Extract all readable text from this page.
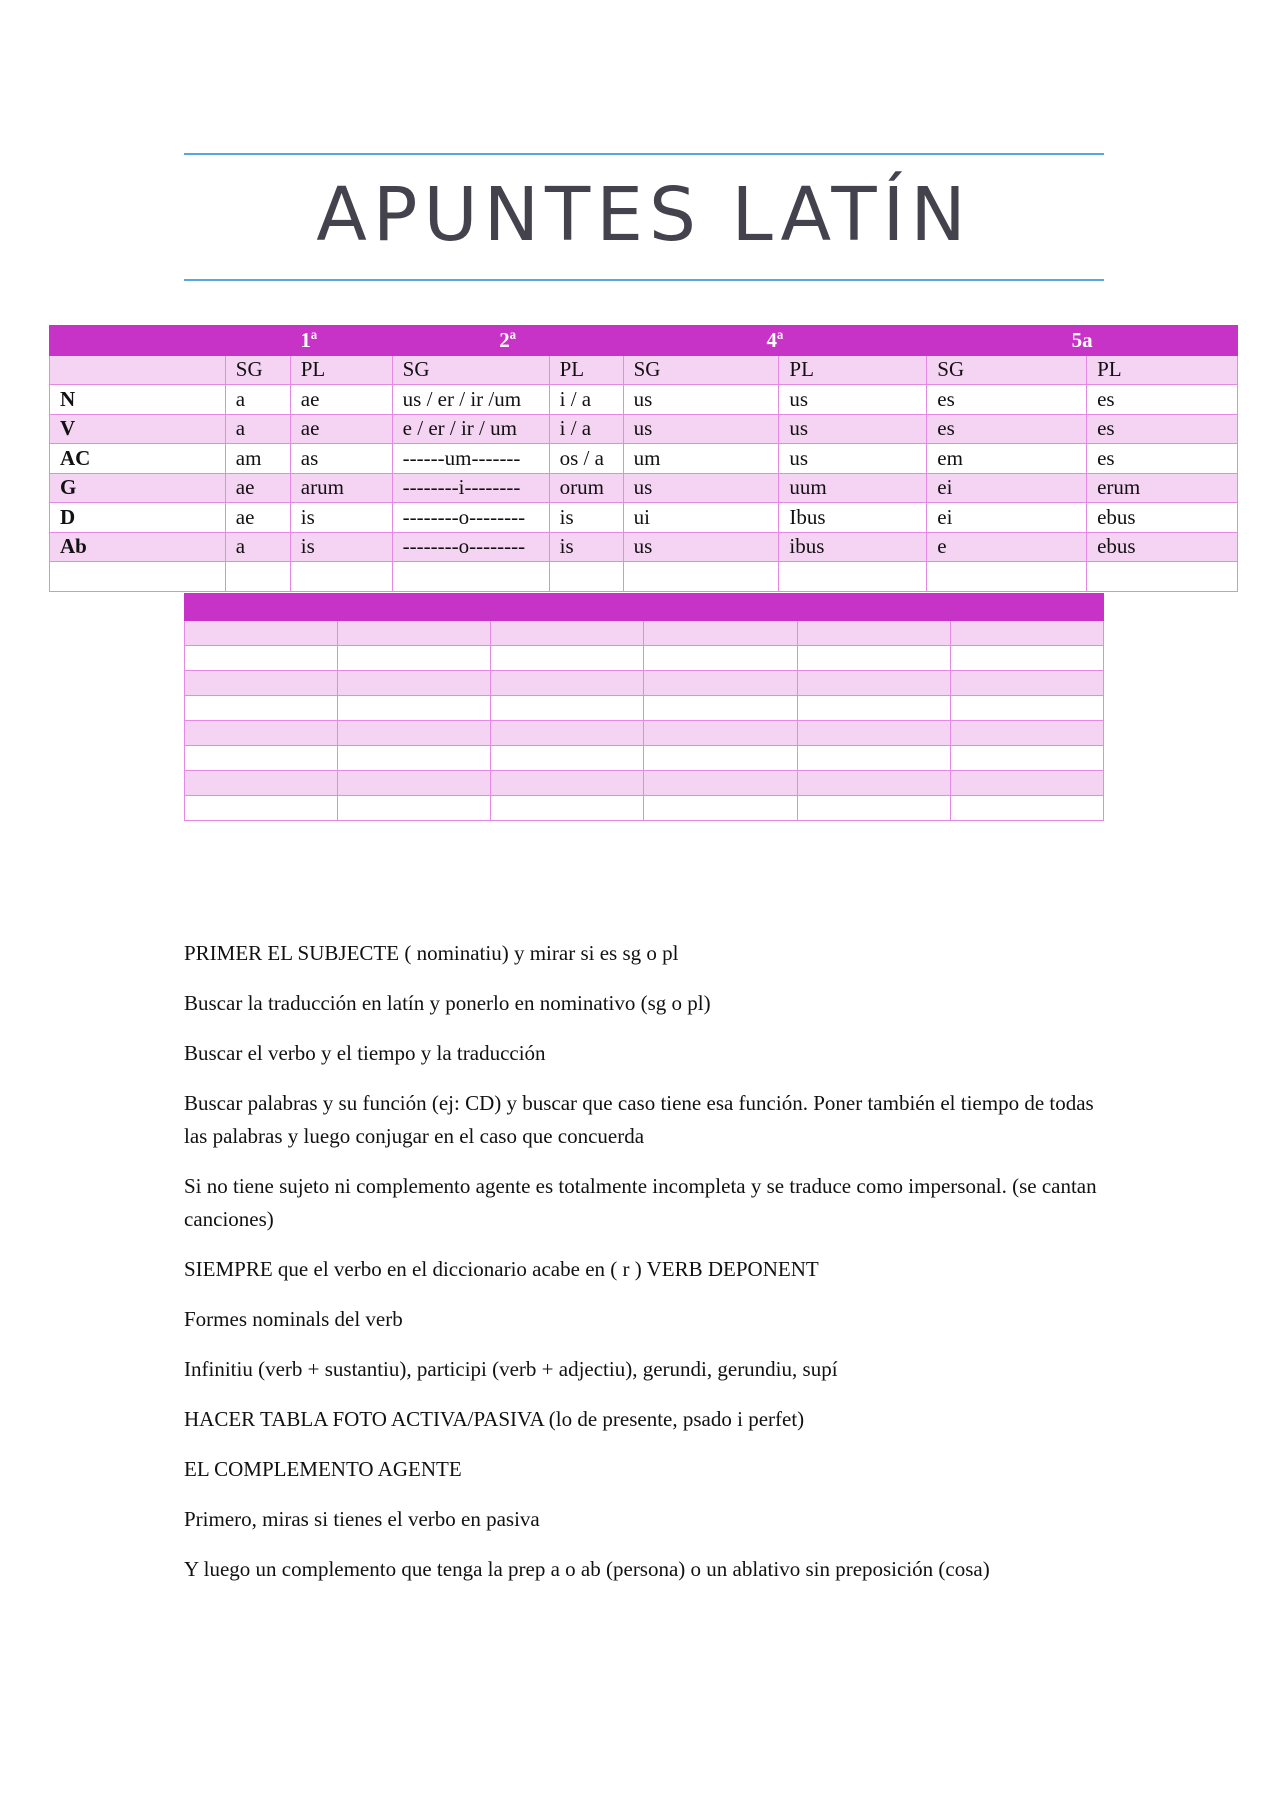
APUNTES LATÍN
	1ª		2ª		4ª		5a	
	SG	PL	SG	PL	SG	PL	SG	PL
N	a	ae	us / er / ir /um	i / a	us	us	es	es
V	a	ae	e / er / ir / um	i / a	us	us	es	es
AC	am	as	------um-------	os / a	um	us	em	es
G	ae	arum	--------i--------	orum	us	uum	ei	erum
D	ae	is	--------o--------	is	ui	Ibus	ei	ebus
Ab	a	is	--------o--------	is	us	ibus	e	ebus

PRIMER EL SUBJECTE ( nominatiu) y mirar si es sg o pl

Buscar la traducción en latín y ponerlo en nominativo (sg o pl)

Buscar el verbo y el tiempo y la traducción

Buscar palabras y su función (ej: CD) y buscar que caso tiene esa función. Poner también el tiempo de todas las palabras y luego conjugar en el caso que concuerda

Si no tiene sujeto ni complemento agente es totalmente incompleta y se traduce como impersonal. (se cantan canciones)

SIEMPRE que el verbo en el diccionario acabe en ( r ) VERB DEPONENT

Formes nominals del verb

Infinitiu (verb + sustantiu), participi (verb + adjectiu), gerundi, gerundiu, supí

HACER TABLA FOTO ACTIVA/PASIVA (lo de presente, psado i perfet)

EL COMPLEMENTO AGENTE

Primero, miras si tienes el verbo en pasiva

Y luego un complemento que tenga la prep a o ab (persona) o un ablativo sin preposición (cosa)
